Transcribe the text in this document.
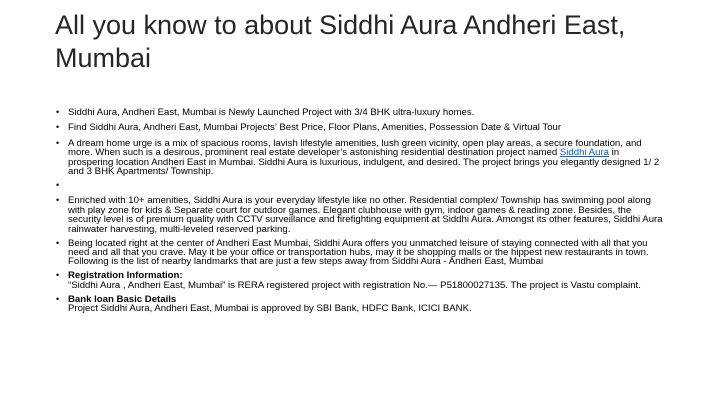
All you know to about Siddhi Aura Andheri East, Mumbai
• Siddhi Aura, Andheri East, Mumbai is Newly Launched Project with 3/4 BHK ultra-luxury homes.
• Find Siddhi Aura, Andheri East, Mumbai Projects’ Best Price, Floor Plans, Amenities, Possession Date & Virtual Tour
• A dream home urge is a mix of spacious rooms, lavish lifestyle amenities, lush green vicinity, open play areas, a secure foundation, and more. When such is a desirous, prominent real estate developer’s astonishing residential destination project named Siddhi Aura in prospering location Andheri East in Mumbai. Siddhi Aura is luxurious, indulgent, and desired. The project brings you elegantly designed 1/ 2 and 3 BHK Apartments/ Township.
•

• Enriched with 10+ amenities, Siddhi Aura is your everyday lifestyle like no other. Residential complex/ Township has swimming pool along with play zone for kids & Separate court for outdoor games. Elegant clubhouse with gym, indoor games & reading zone. Besides, the security level is of premium quality with CCTV surveillance and firefighting equipment at Siddhi Aura. Amongst its other features, Siddhi Aura rainwater harvesting, multi-leveled reserved parking.
• Being located right at the center of Andheri East Mumbai, Siddhi Aura offers you unmatched leisure of staying connected with all that you need and all that you crave. May it be your office or transportation hubs, may it be shopping malls or the hippest new restaurants in town. Following is the list of nearby landmarks that are just a few steps away from Siddhi Aura - Andheri East, Mumbai
• Registration Information:
“Siddhi Aura , Andheri East, Mumbai” is RERA registered project with registration No.— P51800027135. The project is Vastu complaint.
• Bank loan Basic Details
Project Siddhi Aura, Andheri East, Mumbai is approved by SBI Bank, HDFC Bank, ICICI BANK.
